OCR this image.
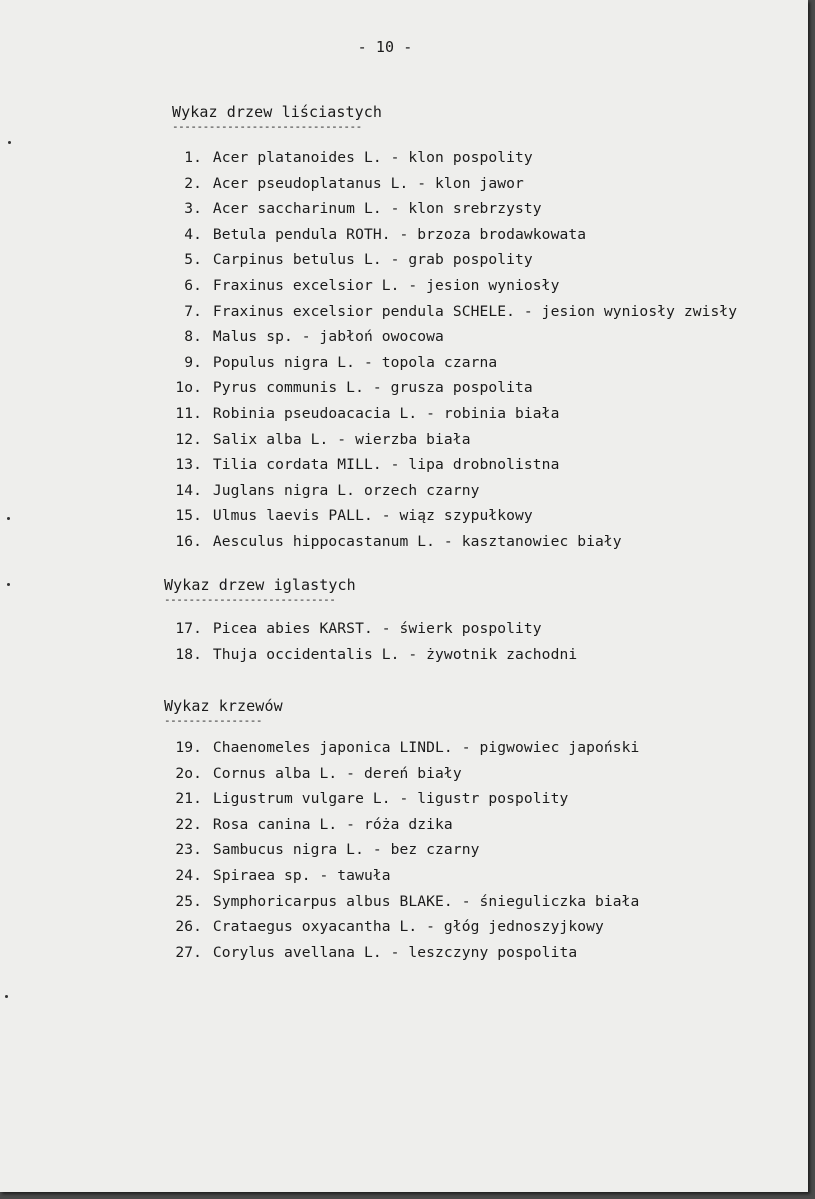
- 10 -
Wykaz drzew liściastych
-------------------------------
1. Acer platanoides L. - klon pospolity
2. Acer pseudoplatanus L. - klon jawor
3. Acer saccharinum L. - klon srebrzysty
4. Betula pendula ROTH. - brzoza brodawkowata
5. Carpinus betulus L. - grab pospolity
6. Fraxinus excelsior L. - jesion wyniosły
7. Fraxinus excelsior pendula SCHELE. - jesion wyniosły zwisły
8. Malus sp. - jabłoń owocowa
9. Populus nigra L. - topola czarna
1o. Pyrus communis L. - grusza pospolita
11. Robinia pseudoacacia L. - robinia biała
12. Salix alba L. - wierzba biała
13. Tilia cordata MILL. - lipa drobnolistna
14. Juglans nigra L. orzech czarny
15. Ulmus laevis PALL. - wiąz szypułkowy
16. Aesculus hippocastanum L. - kasztanowiec biały
Wykaz drzew iglastych
----------------------------
17. Picea abies KARST. - świerk pospolity
18. Thuja occidentalis L. - żywotnik zachodni
Wykaz krzewów
----------------
19. Chaenomeles japonica LINDL. - pigwowiec japoński
2o. Cornus alba L. - dereń biały
21. Ligustrum vulgare L. - ligustr pospolity
22. Rosa canina L. - róża dzika
23. Sambucus nigra L. - bez czarny
24. Spiraea sp. - tawuła
25. Symphoricarpus albus BLAKE. - śnieguliczka biała
26. Crataegus oxyacantha L. - głóg jednoszyjkowy
27. Corylus avellana L. - leszczyny pospolita
